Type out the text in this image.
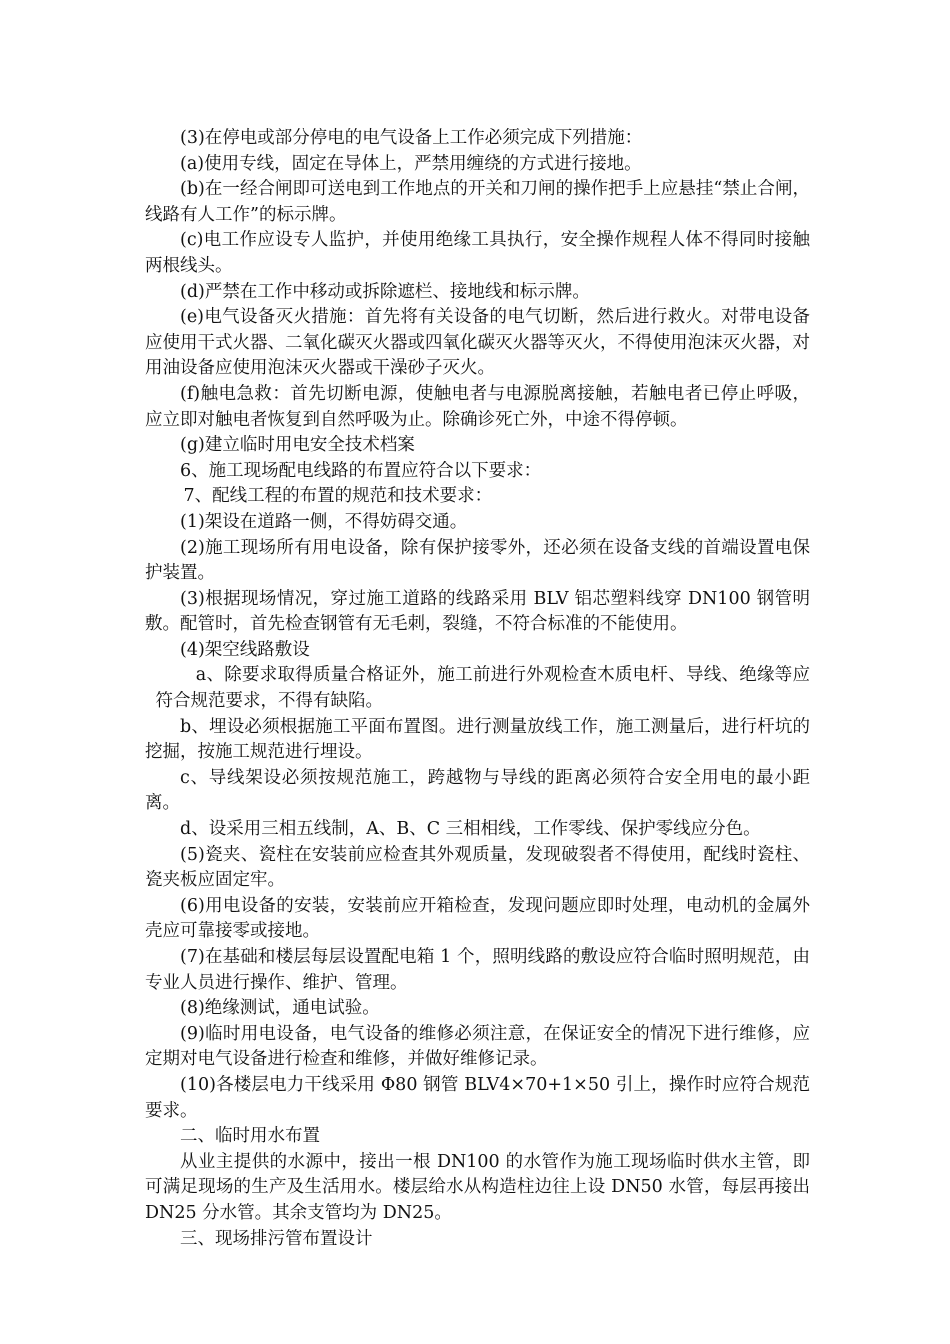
(3)在停电或部分停电的电气设备上工作必须完成下列措施：

(a)使用专线，固定在导体上，严禁用缠绕的方式进行接地。

(b)在一经合闸即可送电到工作地点的开关和刀闸的操作把手上应悬挂“禁止合闸，线路有人工作”的标示牌。

(c)电工作应设专人监护，并使用绝缘工具执行，安全操作规程人体不得同时接触两根线头。

(d)严禁在工作中移动或拆除遮栏、接地线和标示牌。

(e)电气设备灭火措施：首先将有关设备的电气切断，然后进行救火。对带电设备应使用干式火器、二氧化碳灭火器或四氧化碳灭火器等灭火，不得使用泡沫灭火器，对用油设备应使用泡沫灭火器或干澡砂子灭火。

(f)触电急救：首先切断电源，使触电者与电源脱离接触，若触电者已停止呼吸，应立即对触电者恢复到自然呼吸为止。除确诊死亡外，中途不得停顿。

(g)建立临时用电安全技术档案

6、施工现场配电线路的布置应符合以下要求：

7、配线工程的布置的规范和技术要求：

(1)架设在道路一侧，不得妨碍交通。

(2)施工现场所有用电设备，除有保护接零外，还必须在设备支线的首端设置电保护装置。

(3)根据现场情况，穿过施工道路的线路采用 BLV 铝芯塑料线穿 DN100 钢管明敷。配管时，首先检查钢管有无毛刺，裂缝，不符合标准的不能使用。

(4)架空线路敷设

a、除要求取得质量合格证外，施工前进行外观检查木质电杆、导线、绝缘等应符合规范要求，不得有缺陷。

b、埋设必须根据施工平面布置图。进行测量放线工作，施工测量后，进行杆坑的挖掘，按施工规范进行埋设。

c、导线架设必须按规范施工，跨越物与导线的距离必须符合安全用电的最小距离。

d、设采用三相五线制，A、B、C 三相相线，工作零线、保护零线应分色。

(5)瓷夹、瓷柱在安装前应检查其外观质量，发现破裂者不得使用，配线时瓷柱、瓷夹板应固定牢。

(6)用电设备的安装，安装前应开箱检查，发现问题应即时处理，电动机的金属外壳应可靠接零或接地。

(7)在基础和楼层每层设置配电箱 1 个，照明线路的敷设应符合临时照明规范，由专业人员进行操作、维护、管理。

(8)绝缘测试，通电试验。

(9)临时用电设备，电气设备的维修必须注意，在保证安全的情况下进行维修，应定期对电气设备进行检查和维修，并做好维修记录。

(10)各楼层电力干线采用 Φ80 钢管 BLV4×70+1×50 引上，操作时应符合规范要求。

二、临时用水布置

从业主提供的水源中，接出一根 DN100 的水管作为施工现场临时供水主管，即可满足现场的生产及生活用水。楼层给水从构造柱边往上设 DN50 水管，每层再接出 DN25 分水管。其余支管均为 DN25。

三、现场排污管布置设计
